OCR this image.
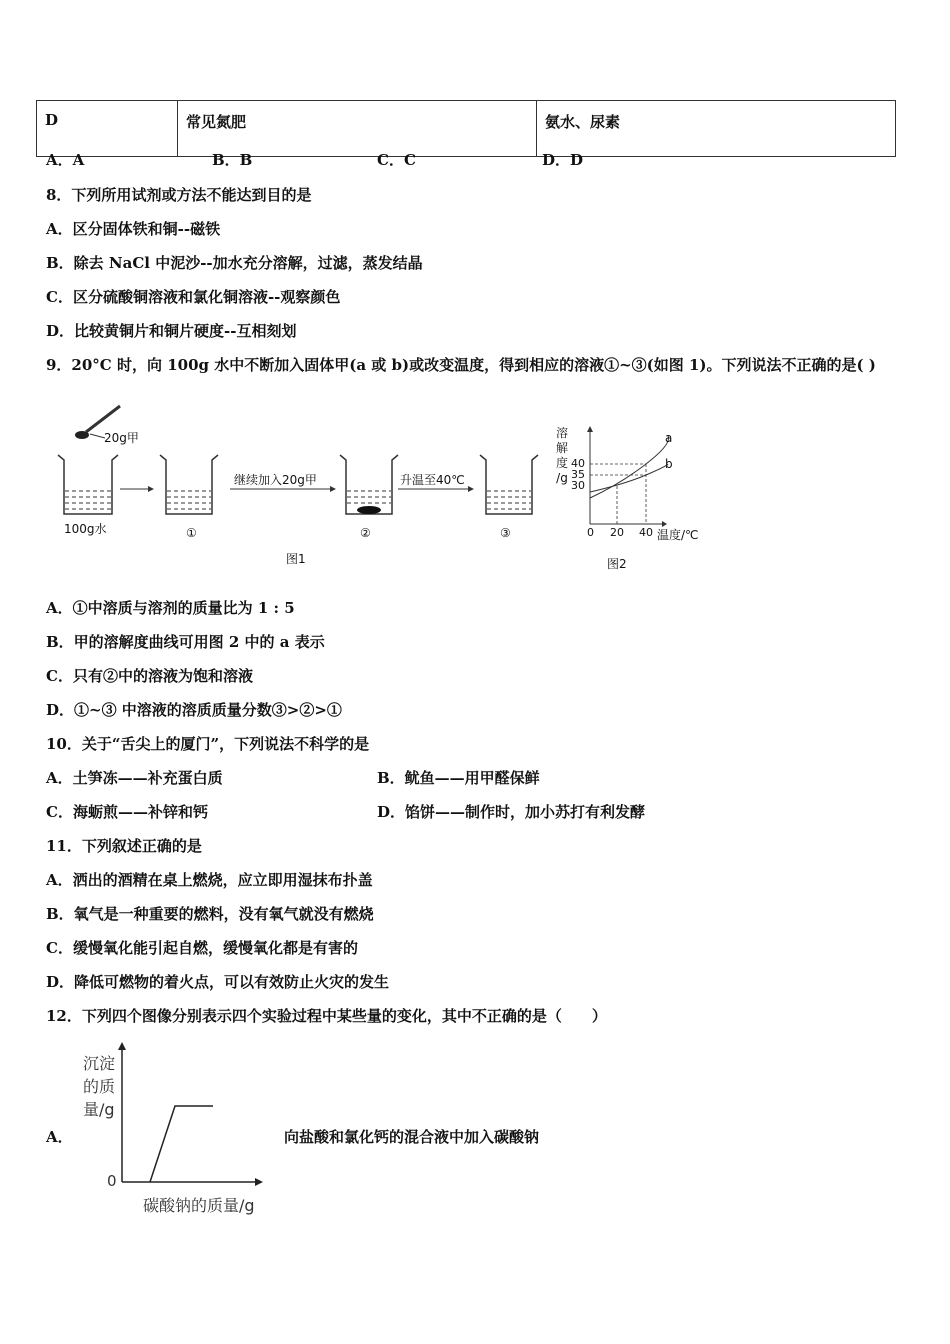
D	常见氮肥	氨水、尿素
A．A	B．B	C．C	D．D
8．下列所用试剂或方法不能达到目的是
A．区分固体铁和铜--磁铁
B．除去 NaCl 中泥沙--加水充分溶解，过滤，蒸发结晶
C．区分硫酸铜溶液和氯化铜溶液--观察颜色
D．比较黄铜片和铜片硬度--互相刻划
9．20°C 时，向 100g 水中不断加入固体甲(a 或 b)或改变温度，得到相应的溶液①~③(如图 1)。下列说法不正确的是( )
20g甲
100g水
继续加入20g甲	升温至40℃
①	②	③
图1
溶
解
度
/g
40
35
30
0 20 40 温度/℃
a
b
图2
A．①中溶质与溶剂的质量比为 1 : 5
B．甲的溶解度曲线可用图 2 中的 a 表示
C．只有②中的溶液为饱和溶液
D．①~③ 中溶液的溶质质量分数③>②>①
10．关于“舌尖上的厦门”，下列说法不科学的是
A．土笋冻——补充蛋白质	B．鱿鱼——用甲醛保鲜
C．海蛎煎——补锌和钙	D．馅饼——制作时，加小苏打有利发酵
11．下列叙述正确的是
A．洒出的酒精在桌上燃烧，应立即用湿抹布扑盖
B．氧气是一种重要的燃料，没有氧气就没有燃烧
C．缓慢氧化能引起自燃，缓慢氧化都是有害的
D．降低可燃物的着火点，可以有效防止火灾的发生
12．下列四个图像分别表示四个实验过程中某些量的变化，其中不正确的是（　　）
A．	向盐酸和氯化钙的混合液中加入碳酸钠
沉淀
的质
量/g
0
碳酸钠的质量/g
